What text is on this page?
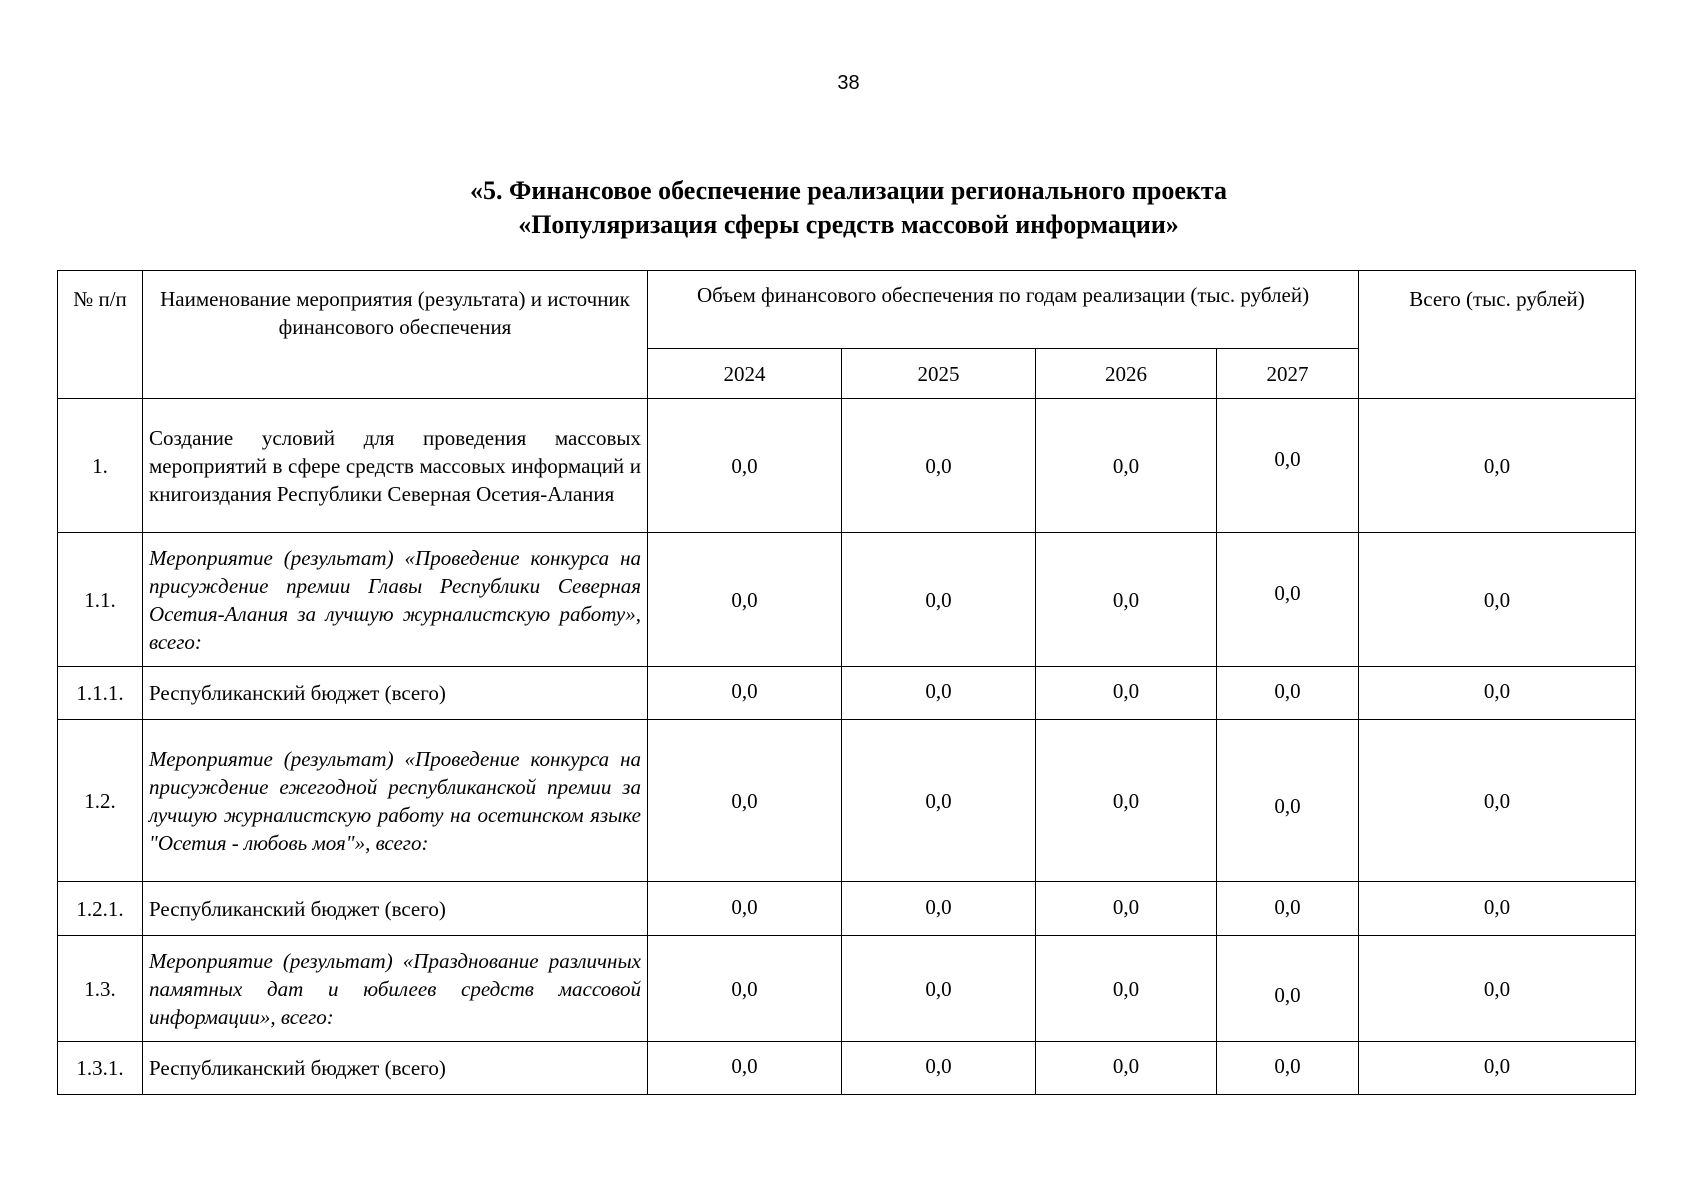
38
«5. Финансовое обеспечение реализации регионального проекта
«Популяризация сферы средств массовой информации»
№ п/п	Наименование мероприятия (результата) и источник финансового обеспечения	Объем финансового обеспечения по годам реализации (тыс. рублей)				Всего (тыс. рублей)
		2024	2025	2026	2027	
1.	Создание условий для проведения массовых мероприятий в сфере средств массовых информаций и книгоиздания Республики Северная Осетия-Алания	0,0	0,0	0,0	0,0	0,0
1.1.	Мероприятие (результат) «Проведение конкурса на присуждение премии Главы Республики Северная Осетия-Алания за лучшую журналистскую работу», всего:	0,0	0,0	0,0	0,0	0,0
1.1.1.	Республиканский бюджет (всего)	0,0	0,0	0,0	0,0	0,0
1.2.	Мероприятие (результат) «Проведение конкурса на присуждение ежегодной республиканской премии за лучшую журналистскую работу на осетинском языке "Осетия - любовь моя"», всего:	0,0	0,0	0,0	0,0	0,0
1.2.1.	Республиканский бюджет (всего)	0,0	0,0	0,0	0,0	0,0
1.3.	Мероприятие (результат) «Празднование различных памятных дат и юбилеев средств массовой информации», всего:	0,0	0,0	0,0	0,0	0,0
1.3.1.	Республиканский бюджет (всего)	0,0	0,0	0,0	0,0	0,0
